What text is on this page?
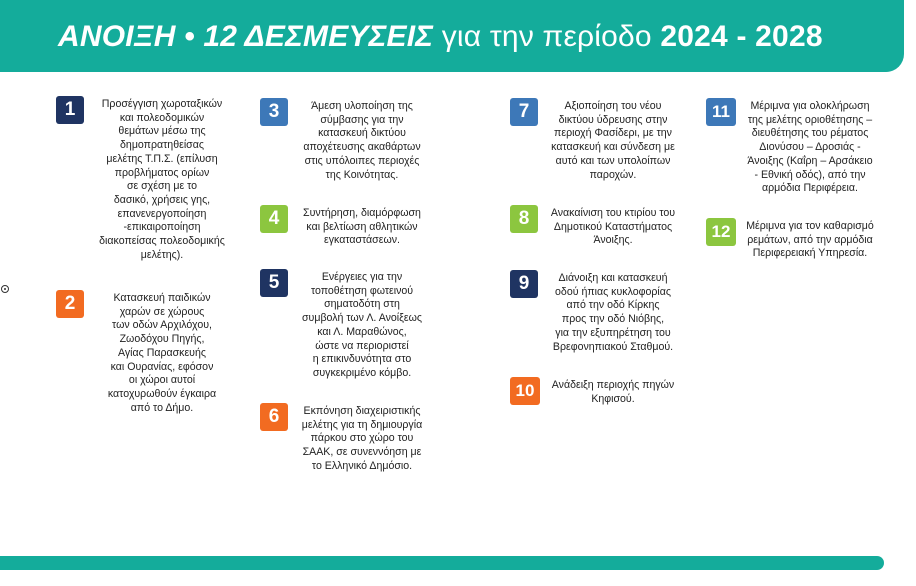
ΑΝΟΙΞΗ • 12 ΔΕΣΜΕΥΣΕΙΣ για την περίοδο 2024 - 2028
1	Προσέγγιση χωροταξικών
και πολεοδομικών
θεμάτων μέσω της
δημοπρατηθείσας
μελέτης Τ.Π.Σ. (επίλυση
προβλήματος ορίων
σε σχέση με το
δασικό, χρήσεις γης,
επανενεργοποίηση
-επικαιροποίηση
διακοπείσας πολεοδομικής
μελέτης).
2	Κατασκευή παιδικών
χαρών σε χώρους
των οδών Αρχιλόχου,
Ζωοδόχου Πηγής,
Αγίας Παρασκευής
και Ουρανίας, εφόσον
οι χώροι αυτοί
κατοχυρωθούν έγκαιρα
από το Δήμο.
3	Άμεση υλοποίηση της
σύμβασης για την
κατασκευή δικτύου
αποχέτευσης ακαθάρτων
στις υπόλοιπες περιοχές
της Κοινότητας.
4	Συντήρηση, διαμόρφωση
και βελτίωση αθλητικών
εγκαταστάσεων.
5	Ενέργειες για την
τοποθέτηση φωτεινού
σηματοδότη στη
συμβολή των Λ. Ανοίξεως
και Λ. Μαραθώνος,
ώστε να περιοριστεί
η επικινδυνότητα στο
συγκεκριμένο κόμβο.
6	Εκπόνηση διαχειριστικής
μελέτης για τη δημιουργία
πάρκου στο χώρο του
ΣΑΑΚ, σε συνεννόηση με
το Ελληνικό Δημόσιο.
7	Αξιοποίηση του νέου
δικτύου ύδρευσης στην
περιοχή Φασίδερι, με την
κατασκευή και σύνδεση με
αυτό και των υπολοίπων
παροχών.
8	Ανακαίνιση του κτιρίου του
Δημοτικού Καταστήματος
Άνοιξης.
9	Διάνοιξη και κατασκευή
οδού ήπιας κυκλοφορίας
από την οδό Κίρκης
προς την οδό Νιόβης,
για την εξυπηρέτηση του
Βρεφονηπιακού Σταθμού.
10	Ανάδειξη περιοχής πηγών
Κηφισού.
11	Μέριμνα για ολοκλήρωση
της μελέτης οριοθέτησης –
διευθέτησης του ρέματος
Διονύσου – Δροσιάς -
Άνοιξης (Καΐρη – Αρσάκειο
- Εθνική οδός), από την
αρμόδια Περιφέρεια.
12	Μέριμνα για τον καθαρισμό
ρεμάτων, από την αρμόδια
Περιφερειακή Υπηρεσία.
